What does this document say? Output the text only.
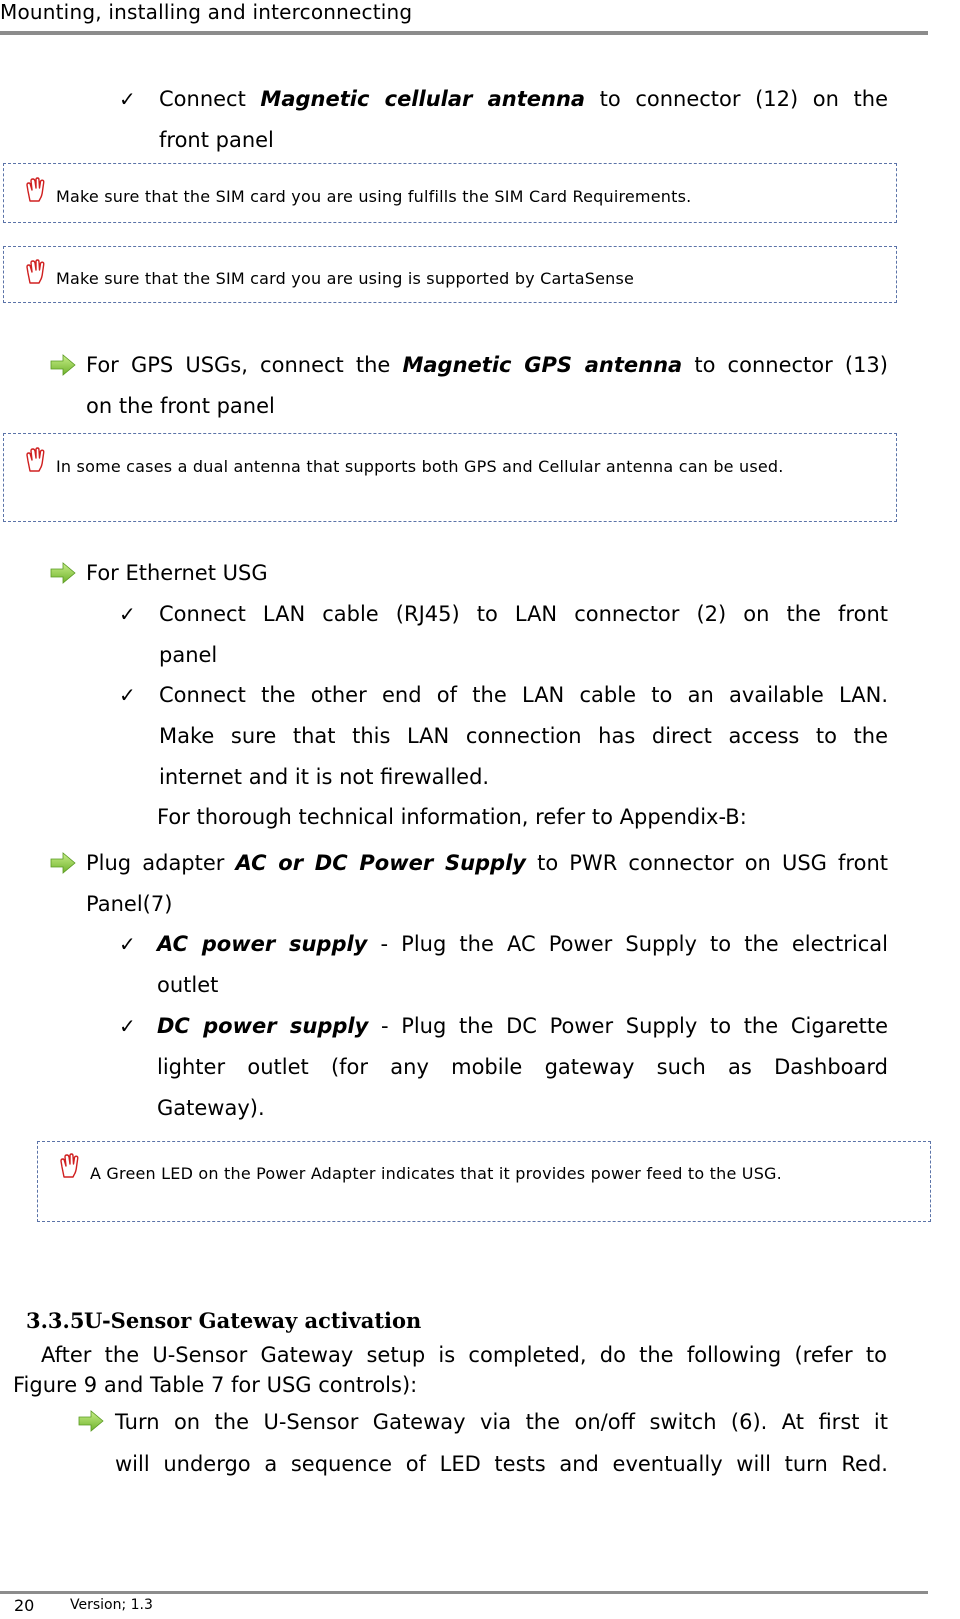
Mounting, installing and interconnecting
✓ Connect Magnetic cellular antenna to connector (12) on the
front panel
Make sure that the SIM card you are using fulfills the SIM Card Requirements.
Make sure that the SIM card you are using is supported by CartaSense
For GPS USGs, connect the Magnetic GPS antenna to connector (13)
on the front panel
In some cases a dual antenna that supports both GPS and Cellular antenna can be used.
For Ethernet USG
✓ Connect LAN cable (RJ45) to LAN connector (2) on the front
panel
✓ Connect the other end of the LAN cable to an available LAN.
Make sure that this LAN connection has direct access to the
internet and it is not firewalled.
For thorough technical information, refer to Appendix-B:
Plug adapter AC or DC Power Supply to PWR connector on USG front
Panel(7)
✓ AC power supply - Plug the AC Power Supply to the electrical
outlet
✓ DC power supply - Plug the DC Power Supply to the Cigarette
lighter outlet (for any mobile gateway such as Dashboard
Gateway).
A Green LED on the Power Adapter indicates that it provides power feed to the USG.
3.3.5U-Sensor Gateway activation
After the U-Sensor Gateway setup is completed, do the following (refer to
Figure 9 and Table 7 for USG controls):
Turn on the U-Sensor Gateway via the on/off switch (6). At first it
will undergo a sequence of LED tests and eventually will turn Red.
20	Version; 1.3
